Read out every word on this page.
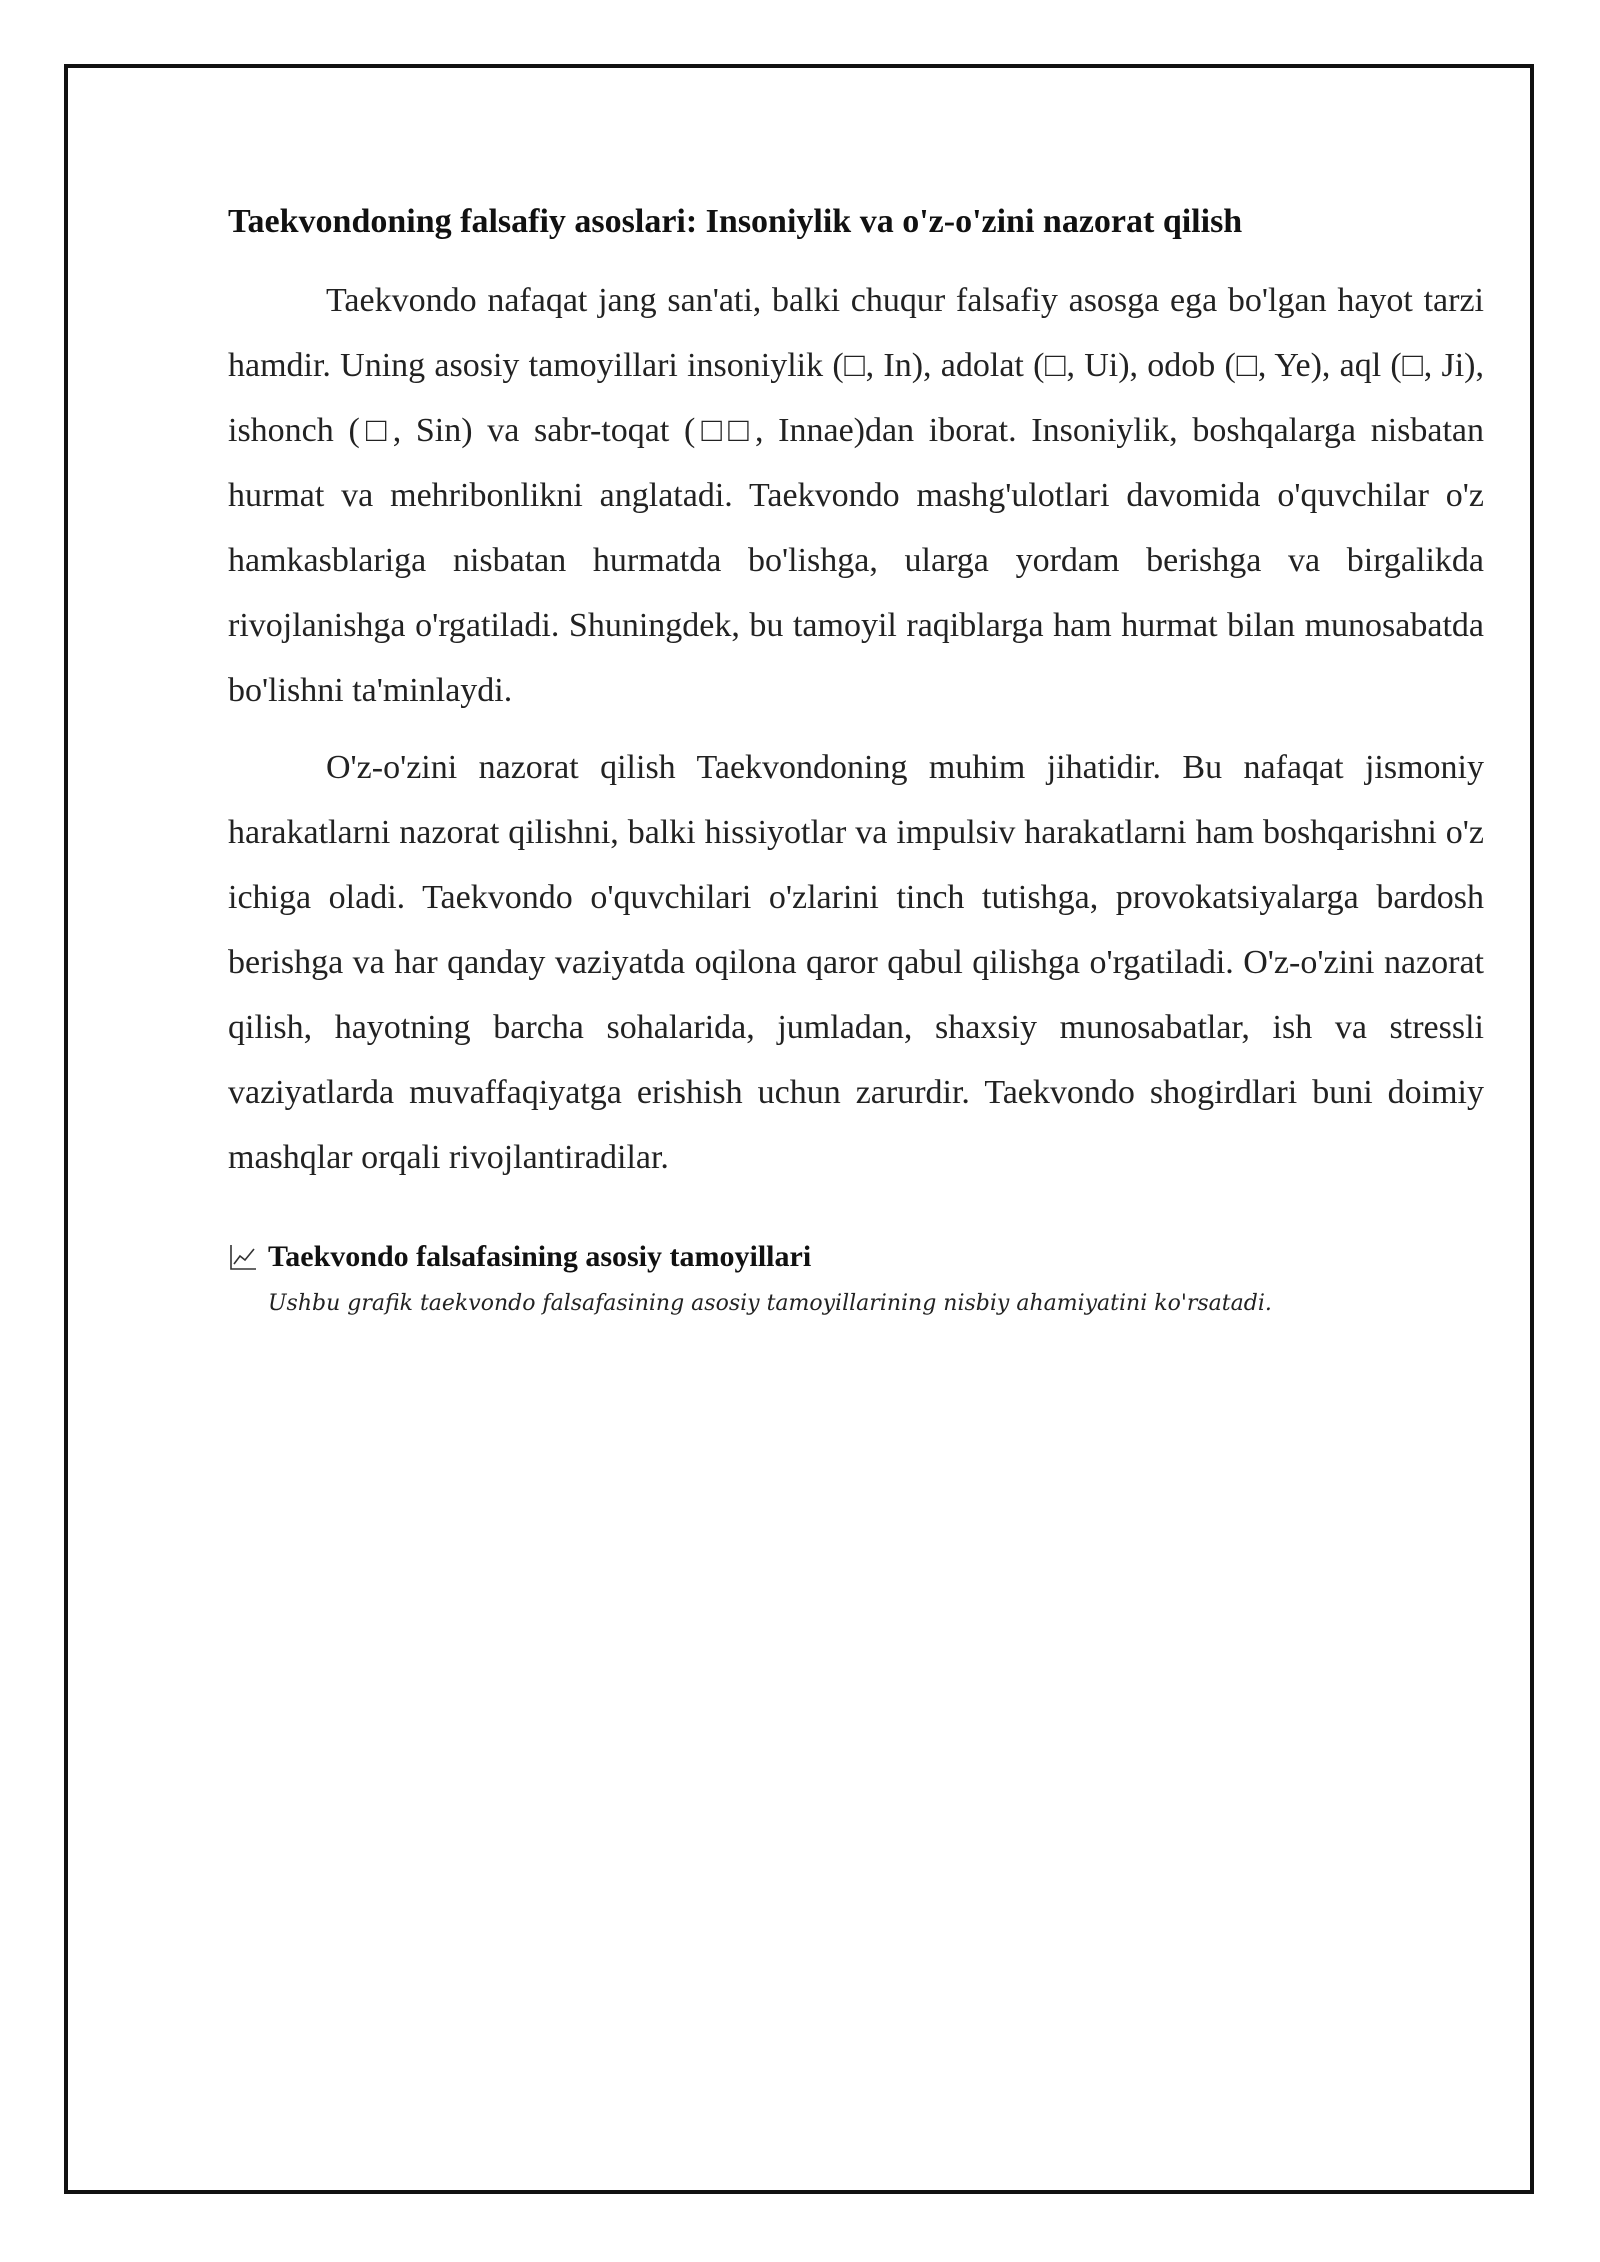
Taekvondoning falsafiy asoslari: Insoniylik va o'z-o'zini nazorat qilish

Taekvondo nafaqat jang san'ati, balki chuqur falsafiy asosga ega bo'lgan hayot tarzi hamdir. Uning asosiy tamoyillari insoniylik (□, In), adolat (□, Ui), odob (□, Ye), aql (□, Ji), ishonch (□, Sin) va sabr-toqat (□□, Innae)dan iborat. Insoniylik, boshqalarga nisbatan hurmat va mehribonlikni anglatadi. Taekvondo mashg'ulotlari davomida o'quvchilar o'z hamkasblariga nisbatan hurmatda bo'lishga, ularga yordam berishga va birgalikda rivojlanishga o'rgatiladi. Shuningdek, bu tamoyil raqiblarga ham hurmat bilan munosabatda bo'lishni ta'minlaydi.

O'z-o'zini nazorat qilish Taekvondoning muhim jihatidir. Bu nafaqat jismoniy harakatlarni nazorat qilishni, balki hissiyotlar va impulsiv harakatlarni ham boshqarishni o'z ichiga oladi. Taekvondo o'quvchilari o'zlarini tinch tutishga, provokatsiyalarga bardosh berishga va har qanday vaziyatda oqilona qaror qabul qilishga o'rgatiladi. O'z-o'zini nazorat qilish, hayotning barcha sohalarida, jumladan, shaxsiy munosabatlar, ish va stressli vaziyatlarda muvaffaqiyatga erishish uchun zarurdir. Taekvondo shogirdlari buni doimiy mashqlar orqali rivojlantiradilar.

Taekvondo falsafasining asosiy tamoyillari
Ushbu grafik taekvondo falsafasining asosiy tamoyillarining nisbiy ahamiyatini ko'rsatadi.
